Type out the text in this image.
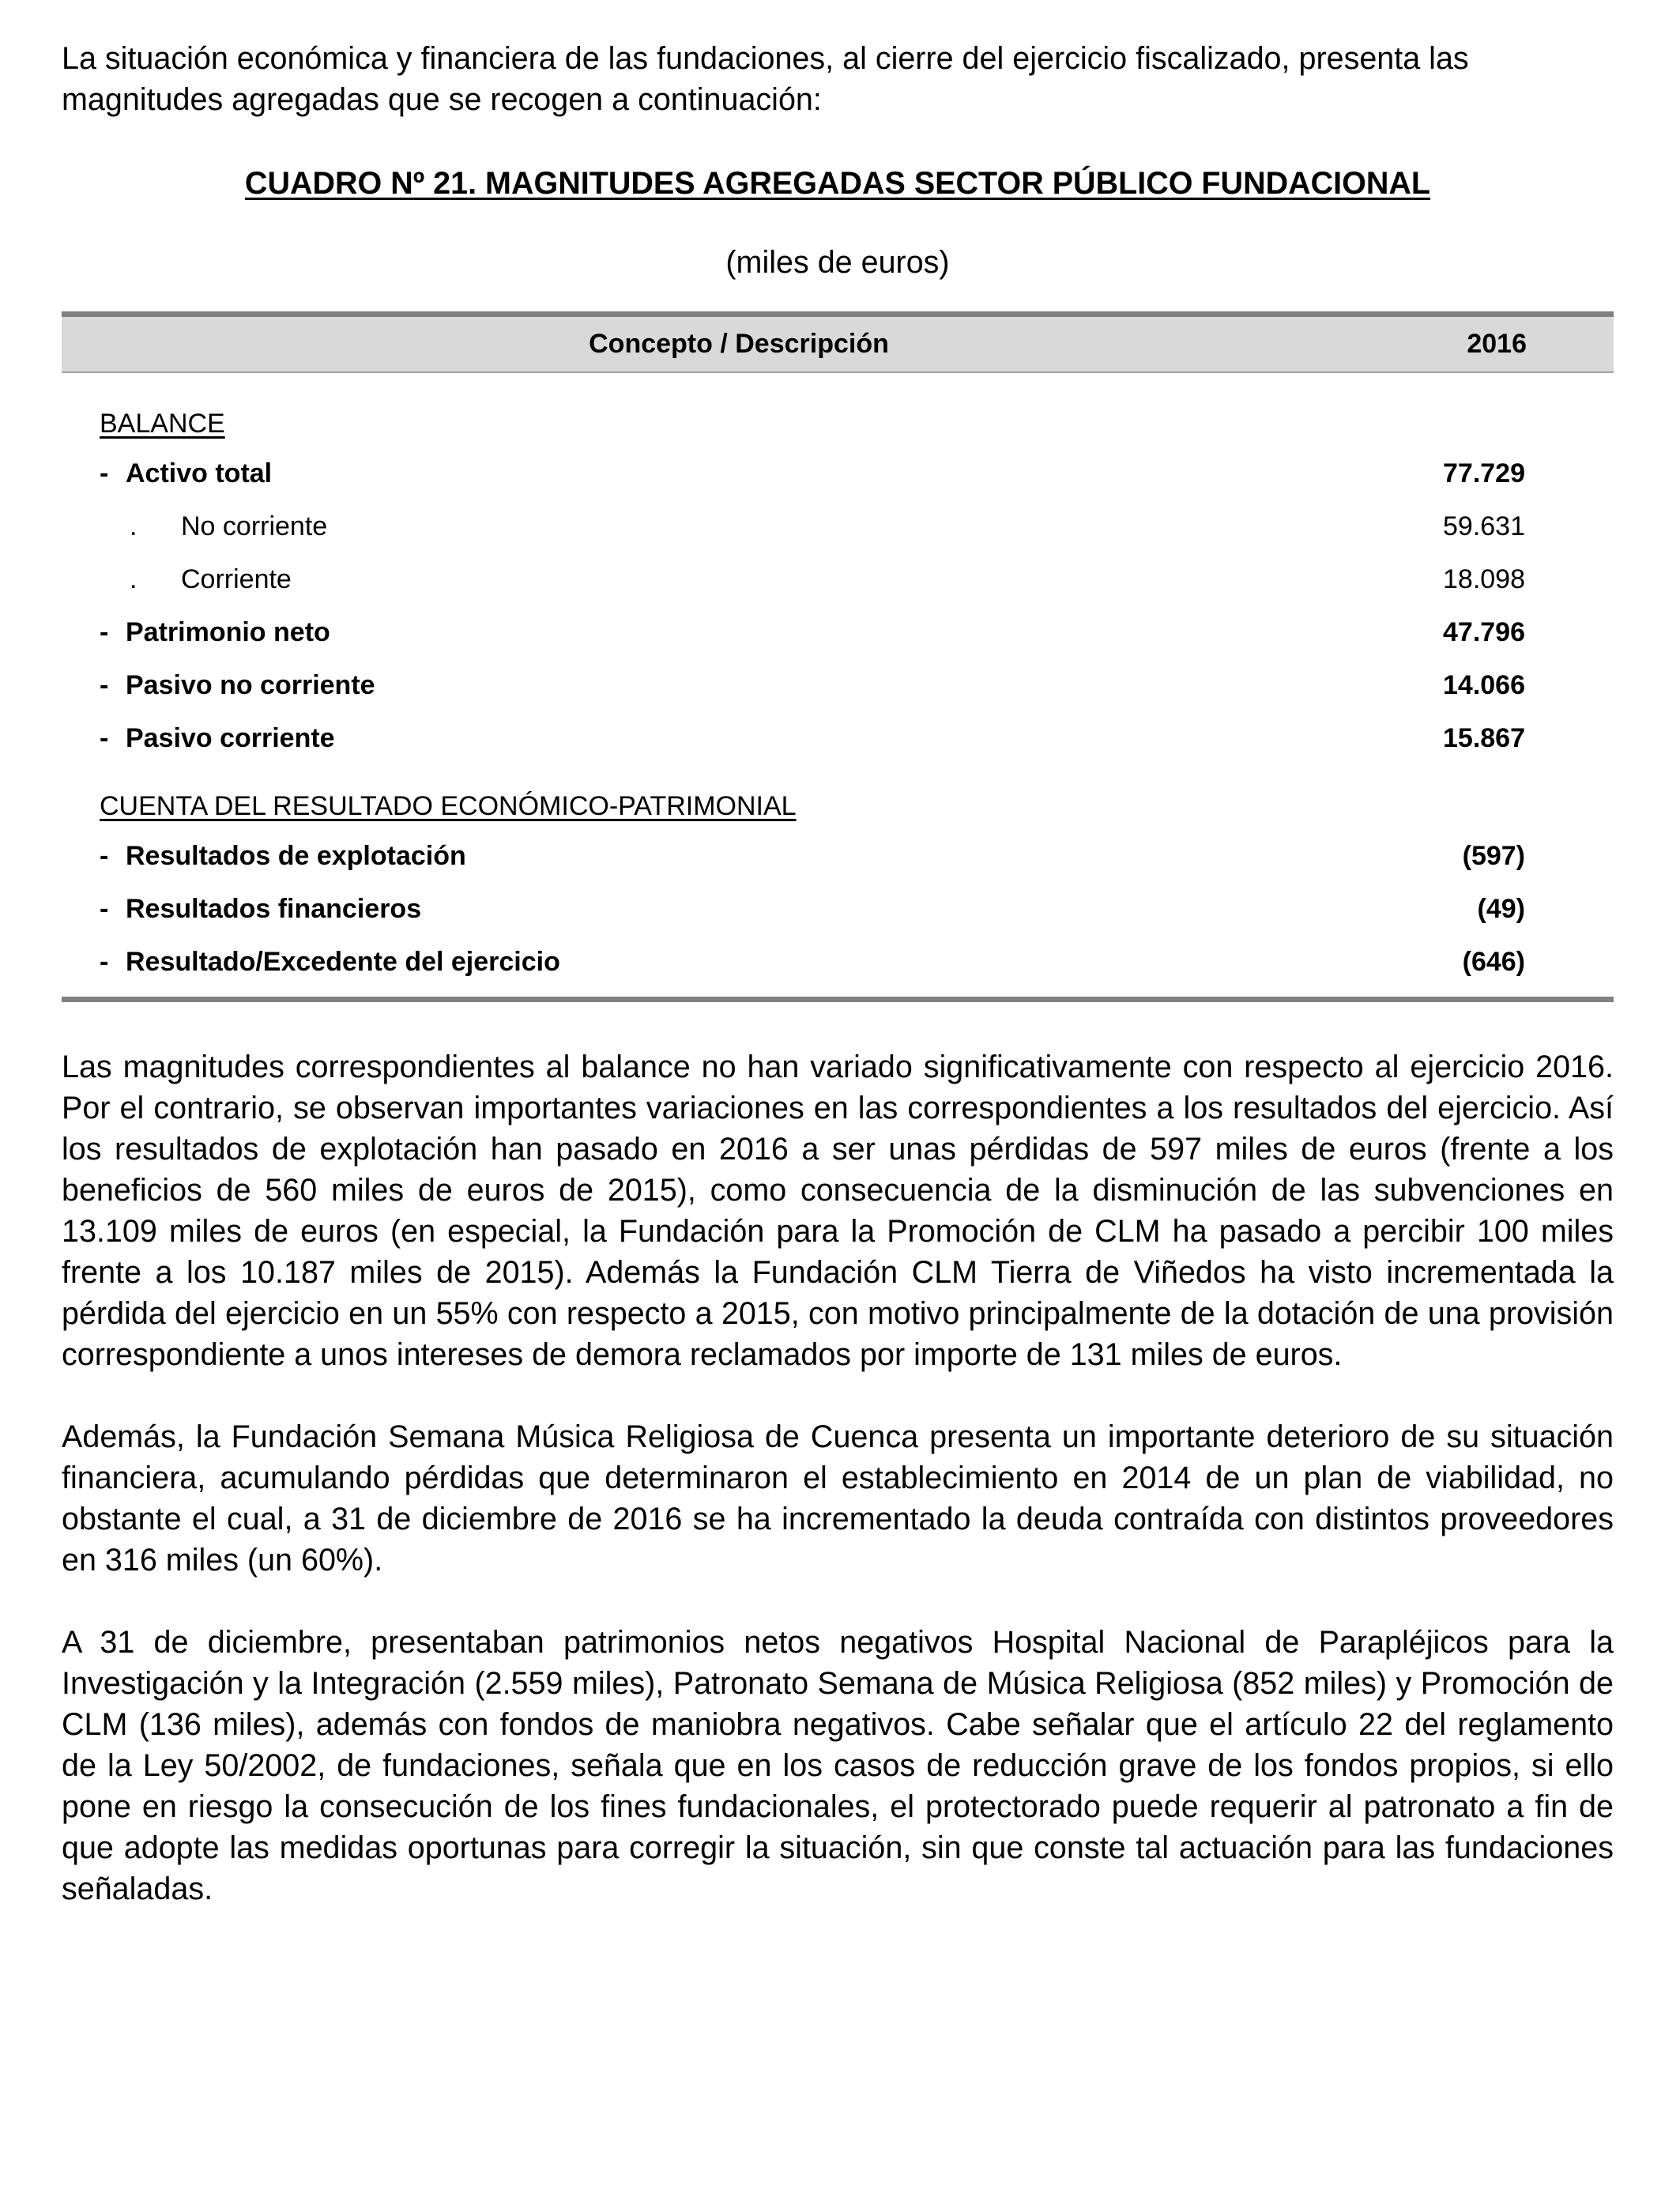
La situación económica y financiera de las fundaciones, al cierre del ejercicio fiscalizado, presenta las magnitudes agregadas que se recogen a continuación:

CUADRO Nº 21. MAGNITUDES AGREGADAS SECTOR PÚBLICO FUNDACIONAL
(miles de euros)
Concepto / Descripción	2016
BALANCE
- Activo total	77.729
. No corriente	59.631
. Corriente	18.098
- Patrimonio neto	47.796
- Pasivo no corriente	14.066
- Pasivo corriente	15.867
CUENTA DEL RESULTADO ECONÓMICO-PATRIMONIAL
- Resultados de explotación	(597)
- Resultados financieros	(49)
- Resultado/Excedente del ejercicio	(646)

Las magnitudes correspondientes al balance no han variado significativamente con respecto al ejercicio 2016. Por el contrario, se observan importantes variaciones en las correspondientes a los resultados del ejercicio. Así los resultados de explotación han pasado en 2016 a ser unas pérdidas de 597 miles de euros (frente a los beneficios de 560 miles de euros de 2015), como consecuencia de la disminución de las subvenciones en 13.109 miles de euros (en especial, la Fundación para la Promoción de CLM ha pasado a percibir 100 miles frente a los 10.187 miles de 2015). Además la Fundación CLM Tierra de Viñedos ha visto incrementada la pérdida del ejercicio en un 55% con respecto a 2015, con motivo principalmente de la dotación de una provisión correspondiente a unos intereses de demora reclamados por importe de 131 miles de euros.

Además, la Fundación Semana Música Religiosa de Cuenca presenta un importante deterioro de su situación financiera, acumulando pérdidas que determinaron el establecimiento en 2014 de un plan de viabilidad, no obstante el cual, a 31 de diciembre de 2016 se ha incrementado la deuda contraída con distintos proveedores en 316 miles (un 60%).

A 31 de diciembre, presentaban patrimonios netos negativos Hospital Nacional de Parapléjicos para la Investigación y la Integración (2.559 miles), Patronato Semana de Música Religiosa (852 miles) y Promoción de CLM (136 miles), además con fondos de maniobra negativos. Cabe señalar que el artículo 22 del reglamento de la Ley 50/2002, de fundaciones, señala que en los casos de reducción grave de los fondos propios, si ello pone en riesgo la consecución de los fines fundacionales, el protectorado puede requerir al patronato a fin de que adopte las medidas oportunas para corregir la situación, sin que conste tal actuación para las fundaciones señaladas.
